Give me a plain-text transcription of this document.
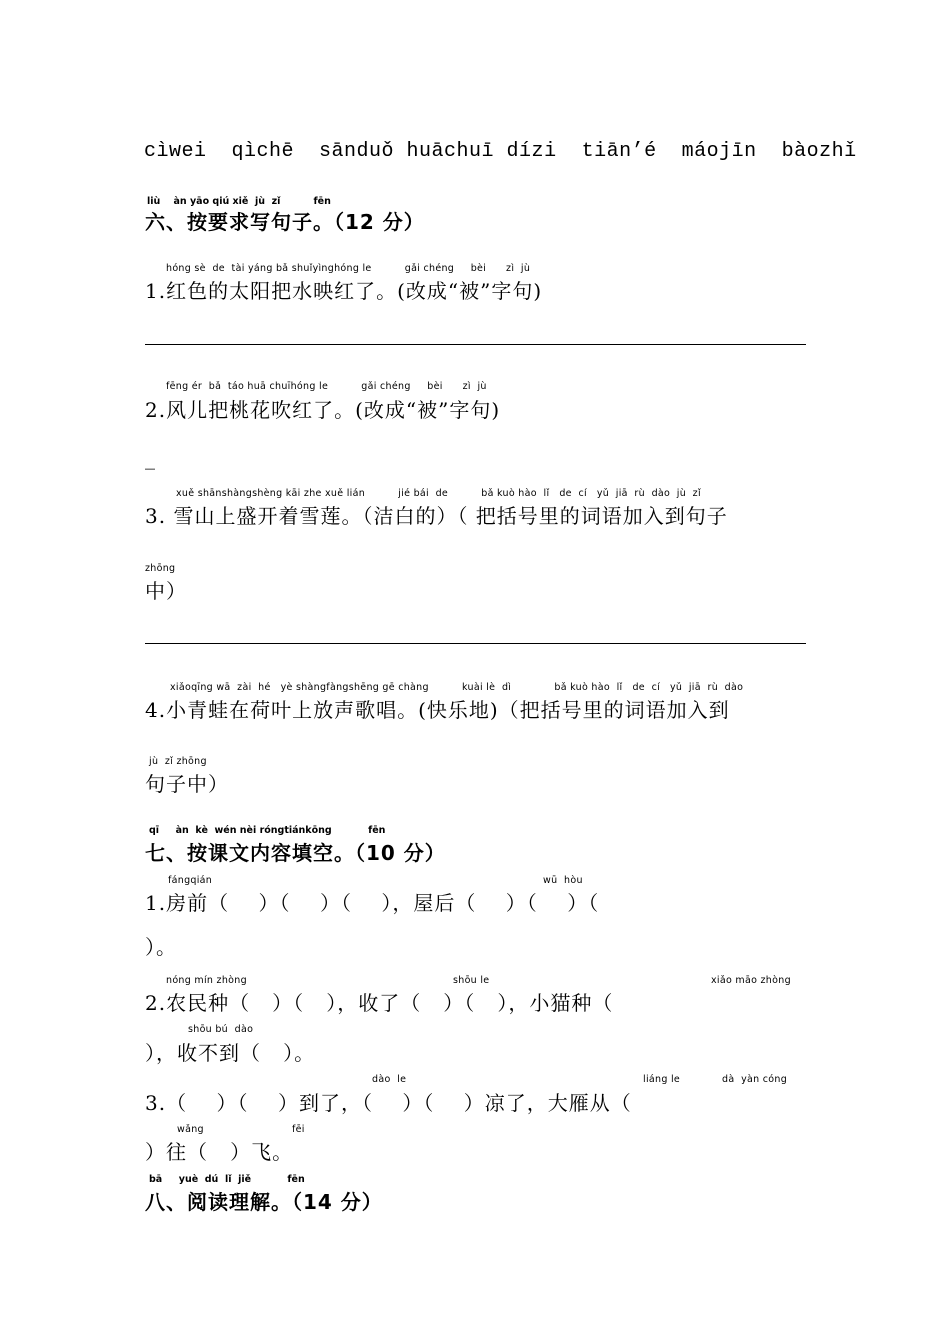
cìwei  qìchē  sānduǒ huāchuī dízi  tiān’é  máojīn  bàozhǐ
liù    àn yāo qiú xiě  jù  zǐ          fēn
六、按要求写句子。（12 分）
hóng sè  de  tài yáng bǎ shuǐyìnghóng le          gǎi chéng     bèi      zì  jù
1.红色的太阳把水映红了。(改成“被”字句)
fēng ér  bǎ  táo huā chuīhóng le          gǎi chéng     bèi      zì  jù
2.风儿把桃花吹红了。(改成“被”字句)
_
xuě shānshàngshèng kāi zhe xuě lián          jié bái  de          bǎ kuò hào  lǐ   de  cí   yǔ  jiā  rù  dào  jù  zǐ
3. 雪山上盛开着雪莲。（洁白的）（ 把括号里的词语加入到句子
zhōng
中）
xiǎoqīng wā  zài  hé   yè shàngfàngshēng gē chàng          kuài lè  dì             bǎ kuò hào  lǐ   de  cí   yǔ  jiā  rù  dào
4.小青蛙在荷叶上放声歌唱。(快乐地)（把括号里的词语加入到
jù  zǐ zhōng
句子中）
qī     àn  kè  wén nèi róngtiánkōng           fēn
七、按课文内容填空。（10 分）
fángqián	wū  hòu
1.房前（    ）（    ）（    ），屋后（    ）（    ）（
）。
nóng mín zhòng	shōu le	xiǎo māo zhòng
2.农民种（   ）（   ），收了（   ）（   ），小猫种（
shōu bú  dào
），收不到（   ）。
dào  le	liáng le	dà  yàn cóng
3.（    ）（    ）到了，（    ）（    ）凉了，大雁从（
wǎng	fēi
）往（   ）飞。
bā     yuè  dú  lǐ  jiě           fēn
八、阅读理解。（14 分）
